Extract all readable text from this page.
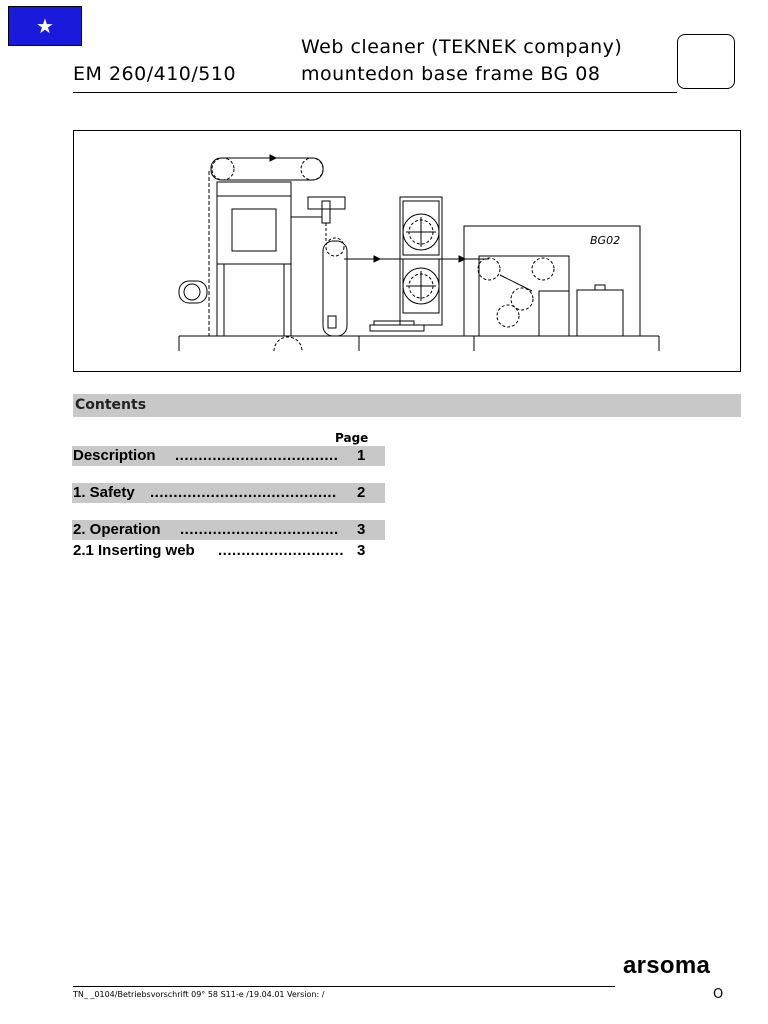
★
EM 260/410/510
Web cleaner (TEKNEK company)
mountedon base frame BG 08
BG02
Contents
Page
Description ...................................	1
1. Safety ........................................	2
2. Operation ..................................	3
2.1 Inserting web ........................... 3
arsoma
TN_ _0104/Betriebsvorschrift 09° 58 S11-e /19.04.01 Version: /	O
